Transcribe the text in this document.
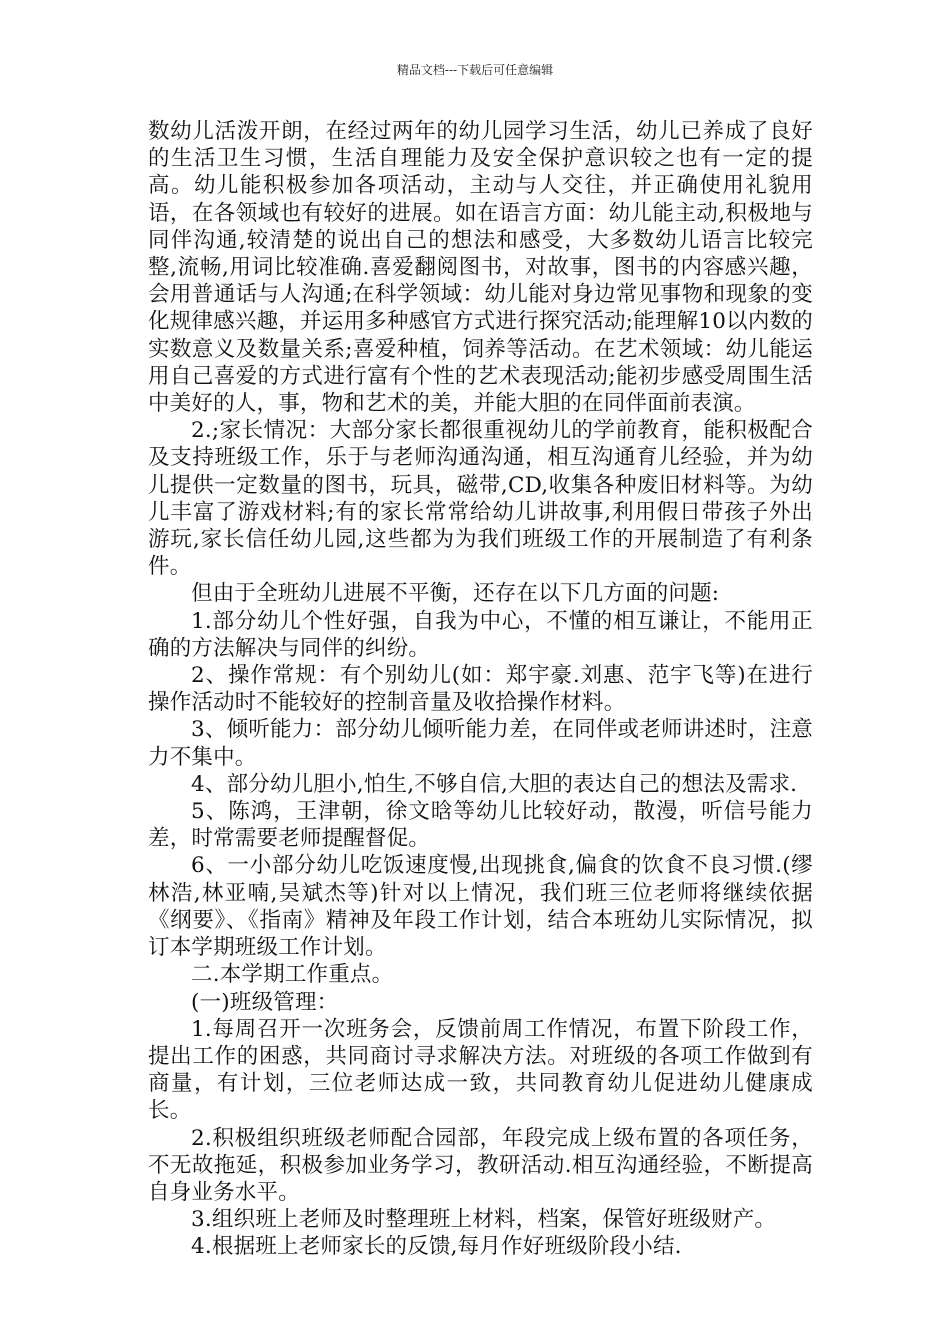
精品文档---下载后可任意编辑

数幼儿活泼开朗，在经过两年的幼儿园学习生活，幼儿已养成了良好的生活卫生习惯，生活自理能力及安全保护意识较之也有一定的提高。幼儿能积极参加各项活动，主动与人交往，并正确使用礼貌用语，在各领域也有较好的进展。如在语言方面：幼儿能主动,积极地与同伴沟通,较清楚的说出自己的想法和感受，大多数幼儿语言比较完整,流畅,用词比较准确.喜爱翻阅图书，对故事，图书的内容感兴趣，会用普通话与人沟通;在科学领域：幼儿能对身边常见事物和现象的变化规律感兴趣，并运用多种感官方式进行探究活动;能理解10以内数的实数意义及数量关系;喜爱种植，饲养等活动。在艺术领域：幼儿能运用自己喜爱的方式进行富有个性的艺术表现活动;能初步感受周围生活中美好的人，事，物和艺术的美，并能大胆的在同伴面前表演。

2.;家长情况：大部分家长都很重视幼儿的学前教育，能积极配合及支持班级工作，乐于与老师沟通沟通，相互沟通育儿经验，并为幼儿提供一定数量的图书，玩具，磁带,CD,收集各种废旧材料等。为幼儿丰富了游戏材料;有的家长常常给幼儿讲故事,利用假日带孩子外出游玩,家长信任幼儿园,这些都为为我们班级工作的开展制造了有利条件。

但由于全班幼儿进展不平衡，还存在以下几方面的问题:

1.部分幼儿个性好强，自我为中心，不懂的相互谦让，不能用正确的方法解决与同伴的纠纷。

2、操作常规：有个别幼儿(如：郑宇豪.刘惠、范宇飞等)在进行操作活动时不能较好的控制音量及收拾操作材料。

3、倾听能力：部分幼儿倾听能力差，在同伴或老师讲述时，注意力不集中。

4、部分幼儿胆小,怕生,不够自信,大胆的表达自己的想法及需求.

5、陈鸿，王津朝，徐文晗等幼儿比较好动，散漫，听信号能力差，时常需要老师提醒督促。

6、一小部分幼儿吃饭速度慢,出现挑食,偏食的饮食不良习惯.(缪林浩,林亚喃,吴斌杰等)针对以上情况，我们班三位老师将继续依据《纲要》、《指南》精神及年段工作计划，结合本班幼儿实际情况，拟订本学期班级工作计划。

二.本学期工作重点。

(一)班级管理：

1.每周召开一次班务会，反馈前周工作情况，布置下阶段工作，提出工作的困惑，共同商讨寻求解决方法。对班级的各项工作做到有商量，有计划，三位老师达成一致，共同教育幼儿促进幼儿健康成长。

2.积极组织班级老师配合园部，年段完成上级布置的各项任务，不无故拖延，积极参加业务学习，教研活动.相互沟通经验，不断提高自身业务水平。

3.组织班上老师及时整理班上材料，档案，保管好班级财产。

4.根据班上老师家长的反馈,每月作好班级阶段小结.
